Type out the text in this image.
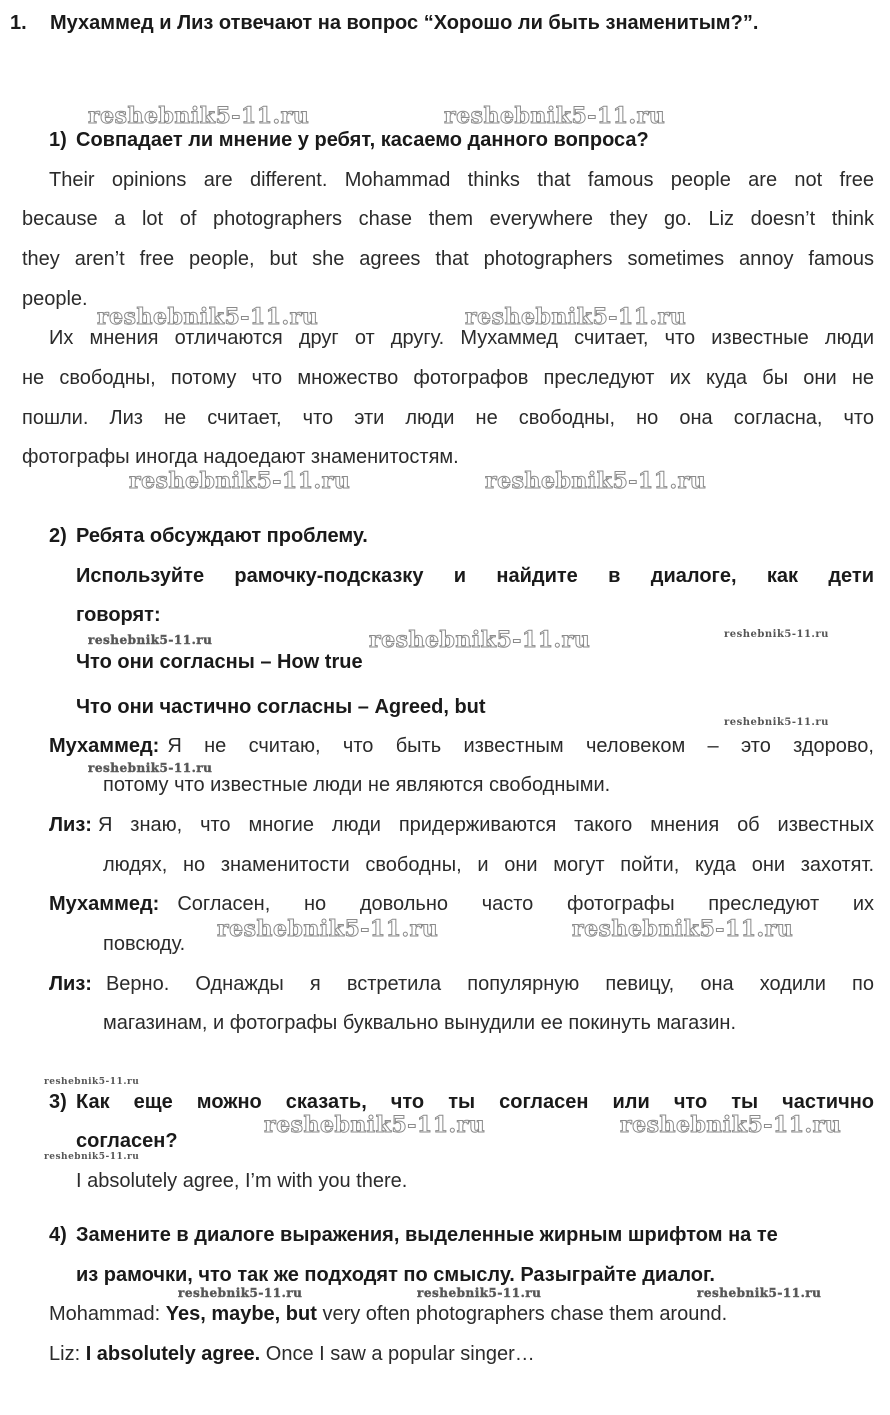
1. Мухаммед и Лиз отвечают на вопрос “Хорошо ли быть знаменитым?”.
1) Совпадает ли мнение у ребят, касаемо данного вопроса?
Their opinions are different. Mohammad thinks that famous people are not free
because a lot of photographers chase them everywhere they go. Liz doesn’t think
they aren’t free people, but she agrees that photographers sometimes annoy famous
people.
Их мнения отличаются друг от другу. Мухаммед считает, что известные люди
не свободны, потому что множество фотографов преследуют их куда бы они не
пошли. Лиз не считает, что эти люди не свободны, но она согласна, что
фотографы иногда надоедают знаменитостям.
2) Ребята обсуждают проблему.
Используйте рамочку-подсказку и найдите в диалоге, как дети
говорят:
Что они согласны – How true
Что они частично согласны – Agreed, but
Мухаммед: Я не считаю, что быть известным человеком – это здорово,
потому что известные люди не являются свободными.
Лиз: Я знаю, что многие люди придерживаются такого мнения об известных
людях, но знаменитости свободны, и они могут пойти, куда они захотят.
Мухаммед: Согласен, но довольно часто фотографы преследуют их
повсюду.
Лиз: Верно. Однажды я встретила популярную певицу, она ходили по
магазинам, и фотографы буквально вынудили ее покинуть магазин.
3) Как еще можно сказать, что ты согласен или что ты частично
согласен?
I absolutely agree, I’m with you there.
4) Замените в диалоге выражения, выделенные жирным шрифтом на те
из рамочки, что так же подходят по смыслу. Разыграйте диалог.
Mohammad: Yes, maybe, but very often photographers chase them around.
Liz: I absolutely agree. Once I saw a popular singer…
reshebnik5-11.ru	reshebnik5-11.ru
reshebnik5-11.ru	reshebnik5-11.ru
reshebnik5-11.ru	reshebnik5-11.ru
reshebnik5-11.ru	reshebnik5-11.ru	reshebnik5-11.ru
reshebnik5-11.ru
reshebnik5-11.ru
reshebnik5-11.ru	reshebnik5-11.ru
reshebnik5-11.ru
reshebnik5-11.ru	reshebnik5-11.ru
reshebnik5-11.ru
reshebnik5-11.ru	reshebnik5-11.ru	reshebnik5-11.ru
